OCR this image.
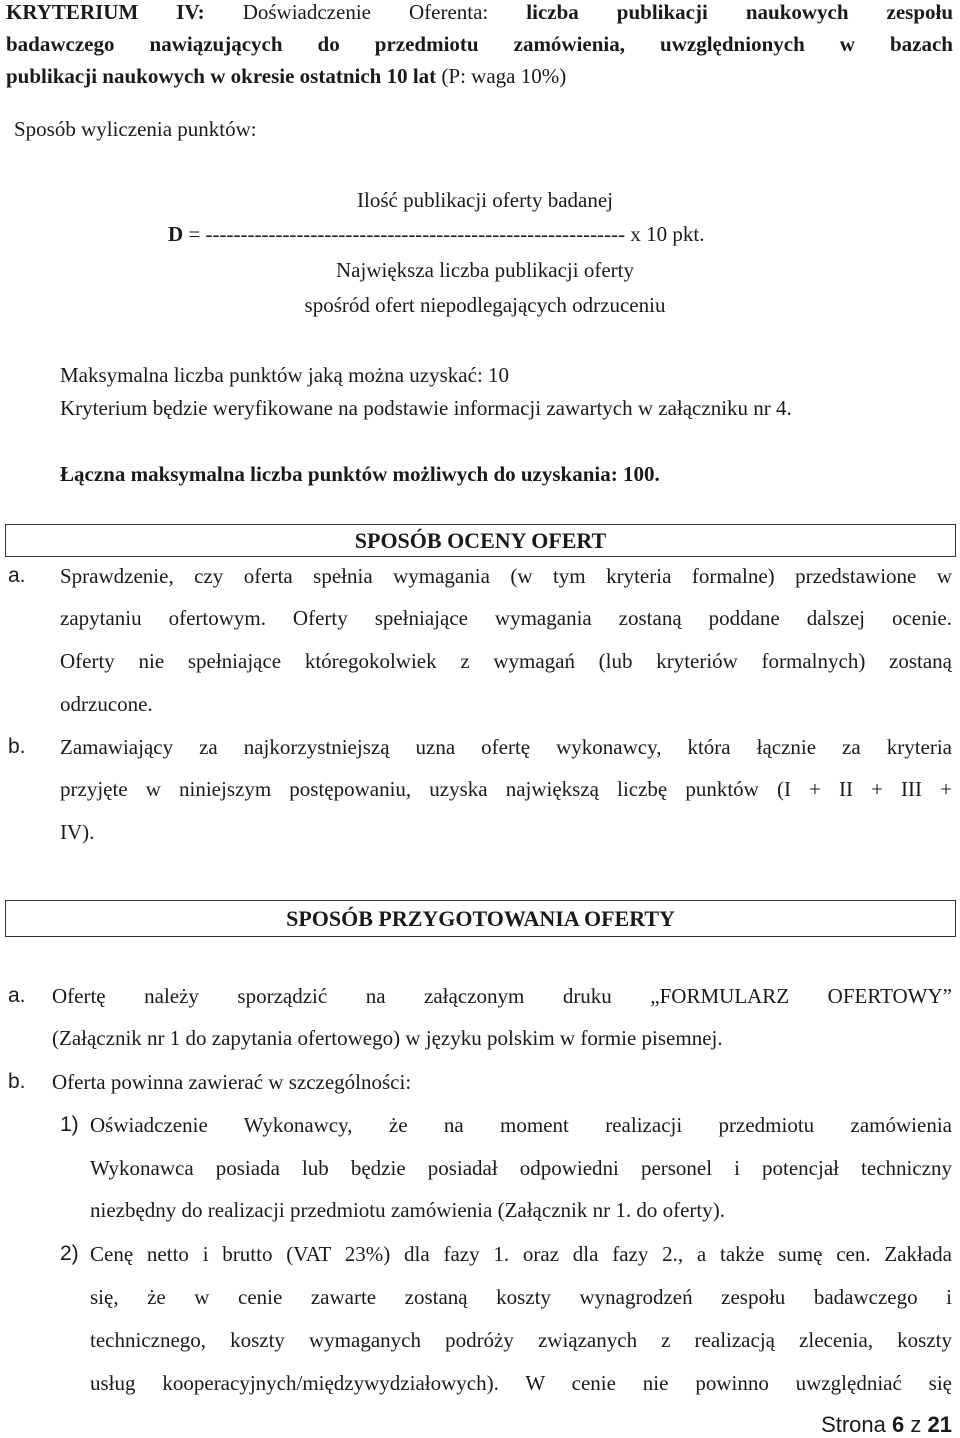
KRYTERIUM IV: Doświadczenie Oferenta: liczba publikacji naukowych zespołu
badawczego nawiązujących do przedmiotu zamówienia, uwzględnionych w bazach
publikacji naukowych w okresie ostatnich 10 lat (P: waga 10%)
Sposób wyliczenia punktów:
Ilość publikacji oferty badanej
D = ------------------------------------------------------------ x 10 pkt.
Największa liczba publikacji oferty
spośród ofert niepodlegających odrzuceniu
Maksymalna liczba punktów jaką można uzyskać: 10
Kryterium będzie weryfikowane na podstawie informacji zawartych w załączniku nr 4.
Łączna maksymalna liczba punktów możliwych do uzyskania: 100.
SPOSÓB OCENY OFERT
a. Sprawdzenie, czy oferta spełnia wymagania (w tym kryteria formalne) przedstawione w
zapytaniu ofertowym. Oferty spełniające wymagania zostaną poddane dalszej ocenie.
Oferty nie spełniające któregokolwiek z wymagań (lub kryteriów formalnych) zostaną
odrzucone.
b. Zamawiający za najkorzystniejszą uzna ofertę wykonawcy, która łącznie za kryteria
przyjęte w niniejszym postępowaniu, uzyska największą liczbę punktów (I + II + III +
IV).
SPOSÓB PRZYGOTOWANIA OFERTY
a. Ofertę należy sporządzić na załączonym druku „FORMULARZ OFERTOWY”
(Załącznik nr 1 do zapytania ofertowego) w języku polskim w formie pisemnej.
b. Oferta powinna zawierać w szczególności:
1) Oświadczenie Wykonawcy, że na moment realizacji przedmiotu zamówienia
Wykonawca posiada lub będzie posiadał odpowiedni personel i potencjał techniczny
niezbędny do realizacji przedmiotu zamówienia (Załącznik nr 1. do oferty).
2) Cenę netto i brutto (VAT 23%) dla fazy 1. oraz dla fazy 2., a także sumę cen. Zakłada
się, że w cenie zawarte zostaną koszty wynagrodzeń zespołu badawczego i
technicznego, koszty wymaganych podróży związanych z realizacją zlecenia, koszty
usług kooperacyjnych/międzywydziałowych). W cenie nie powinno uwzględniać się
Strona 6 z 21
